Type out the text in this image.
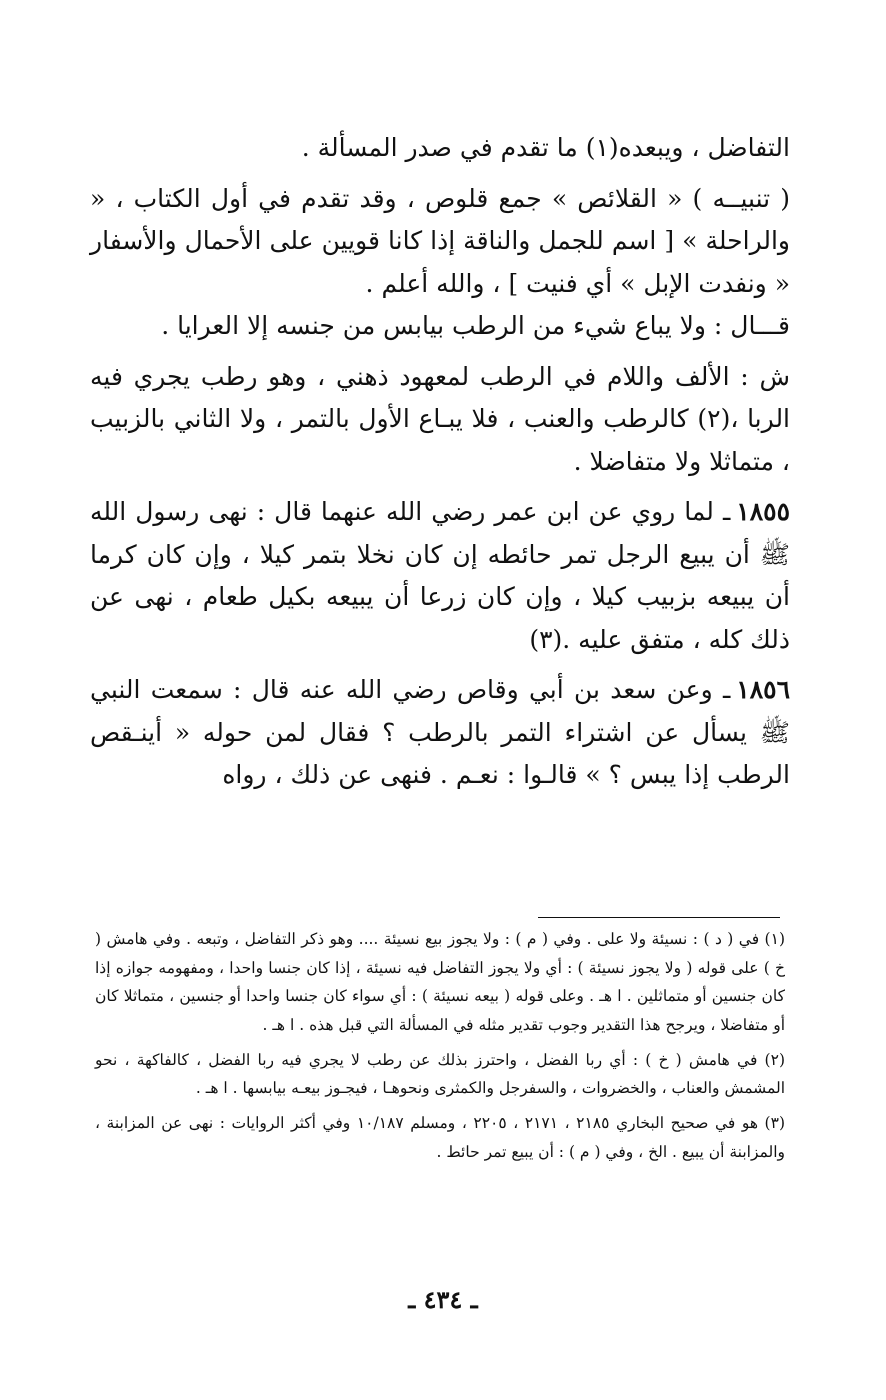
التفاضل ، ويبعده(١) ما تقدم في صدر المسألة .

( تنبيــه ) « القلائص » جمع قلوص ، وقد تقدم في أول الكتاب ، « والراحلة » [ اسم للجمل والناقة إذا كانا قويين على الأحمال والأسفار « ونفدت الإبل » أي فنيت ] ، والله أعلم .

قـــال : ولا يباع شيء من الرطب بيابس من جنسه إلا العرايا .

ش : الألف واللام في الرطب لمعهود ذهني ، وهو رطب يجري فيه الربا ،(٢) كالرطب والعنب ، فلا يبـاع الأول بالتمر ، ولا الثاني بالزبيب ، متماثلا ولا متفاضلا .

١٨٥٥ـ لما روي عن ابن عمر رضي الله عنهما قال : نهى رسول الله ﷺ أن يبيع الرجل تمر حائطه إن كان نخلا بتمر كيلا ، وإن كان كرما أن يبيعه بزبيب كيلا ، وإن كان زرعا أن يبيعه بكيل طعام ، نهى عن ذلك كله ، متفق عليه .(٣)

١٨٥٦ـ وعن سعد بن أبي وقاص رضي الله عنه قال : سمعت النبي ﷺ يسأل عن اشتراء التمر بالرطب ؟ فقال لمن حوله « أينـقص الرطب إذا يبس ؟ » قالـوا : نعـم . فنهى عن ذلك ، رواه

(١) في ( د ) : نسيئة ولا على . وفي ( م ) : ولا يجوز بيع نسيئة .... وهو ذكر التفاضل ، وتبعه . وفي هامش ( خ ) على قوله ( ولا يجوز نسيئة ) : أي ولا يجوز التفاضل فيه نسيئة ، إذا كان جنسا واحدا ، ومفهومه جوازه إذا كان جنسين أو متماثلين . ا هـ . وعلى قوله ( بيعه نسيئة ) : أي سواء كان جنسا واحدا أو جنسين ، متماثلا كان أو متفاضلا ، ويرجح هذا التقدير وجوب تقدير مثله في المسألة التي قبل هذه . ا هـ .

(٢) في هامش ( خ ) : أي ربا الفضل ، واحترز بذلك عن رطب لا يجري فيه ربا الفضل ، كالفاكهة ، نحو المشمش والعناب ، والخضروات ، والسفرجل والكمثرى ونحوهـا ، فيجـوز بيعـه بيابسها . ا هـ .

(٣) هو في صحيح البخاري ٢١٨٥ ، ٢١٧١ ، ٢٢٠٥ ، ومسلم ١٠/١٨٧ وفي أكثر الروايات : نهى عن المزابنة ، والمزابنة أن يبيع . الخ ، وفي ( م ) : أن يبيع تمر حائط .

ـ ٤٣٤ ـ
